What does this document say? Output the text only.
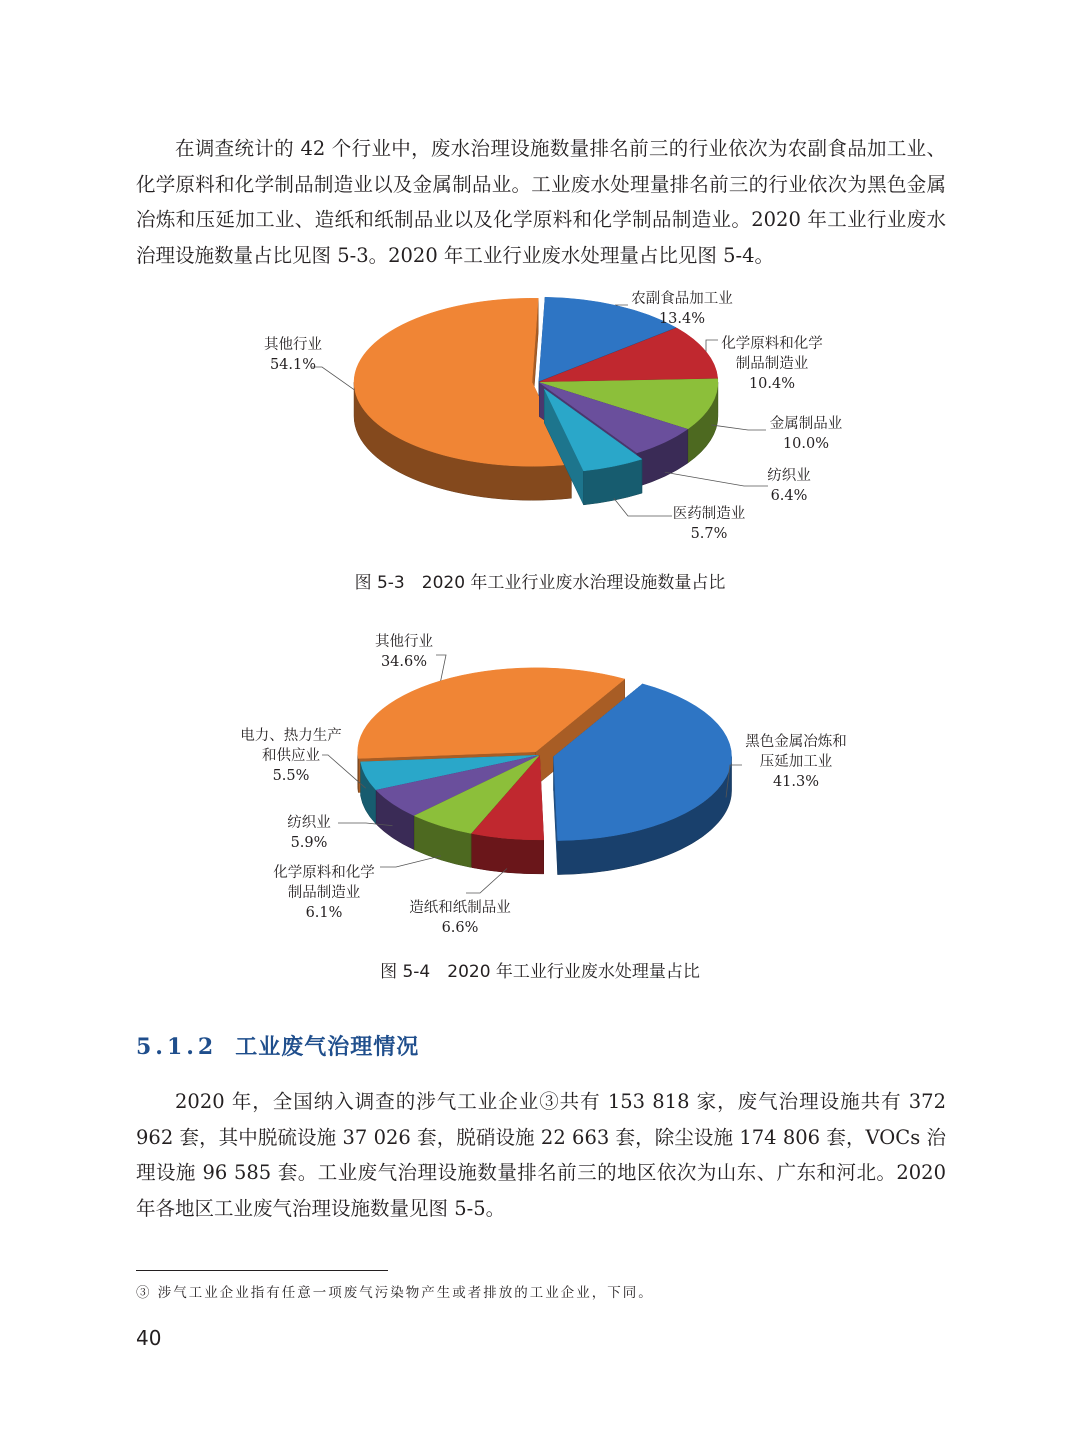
在调查统计的 42 个行业中，废水治理设施数量排名前三的行业依次为农副食品加工业、化学原料和化学制品制造业以及金属制品业。工业废水处理量排名前三的行业依次为黑色金属冶炼和压延加工业、造纸和纸制品业以及化学原料和化学制品制造业。2020 年工业行业废水治理设施数量占比见图 5-3。2020 年工业行业废水处理量占比见图 5-4。

农副食品加工业
13.4%
化学原料和化学
制品制造业
10.4%
金属制品业
10.0%
纺织业
6.4%
医药制造业
5.7%
其他行业
54.1%

图 5-3　2020 年工业行业废水治理设施数量占比

黑色金属冶炼和
压延加工业
41.3%
造纸和纸制品业
6.6%
化学原料和化学
制品制造业
6.1%
纺织业
5.9%
电力、热力生产
和供应业
5.5%
其他行业
34.6%

图 5-4　2020 年工业行业废水处理量占比

5.1.2 工业废气治理情况

2020 年，全国纳入调查的涉气工业企业③共有 153 818 家，废气治理设施共有 372 962 套，其中脱硫设施 37 026 套，脱硝设施 22 663 套，除尘设施 174 806 套，VOCs 治理设施 96 585 套。工业废气治理设施数量排名前三的地区依次为山东、广东和河北。2020 年各地区工业废气治理设施数量见图 5-5。

③ 涉气工业企业指有任意一项废气污染物产生或者排放的工业企业，下同。

40
